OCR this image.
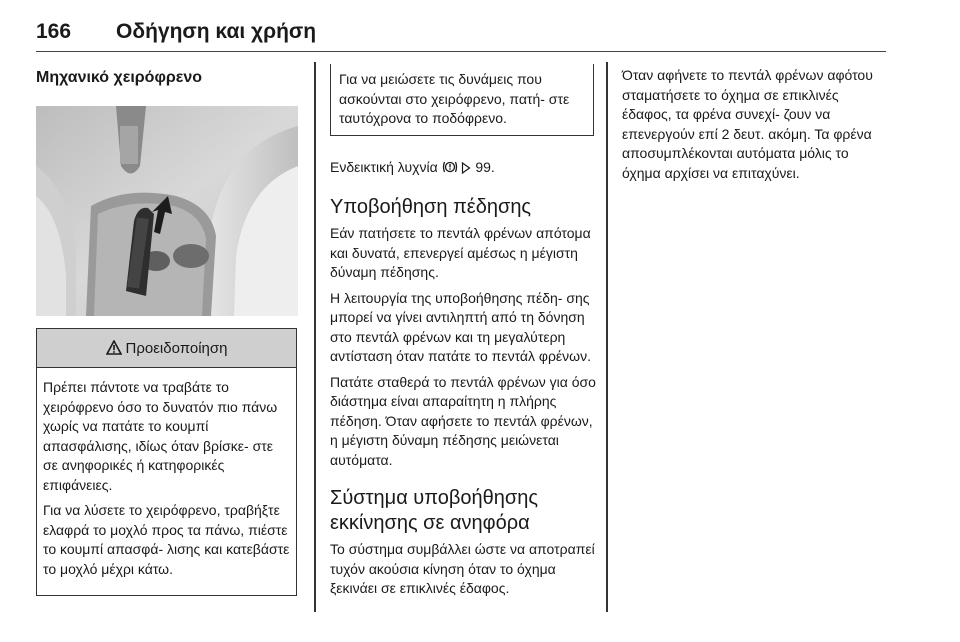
166 Οδήγηση και χρήση
Μηχανικό χειρόφρενο
Προειδοποίηση

Πρέπει πάντοτε να τραβάτε το χειρόφρενο όσο το δυνατόν πιο πάνω χωρίς να πατάτε το κουμπί απασφάλισης, ιδίως όταν βρίσκε‐ στε σε ανηφορικές ή κατηφορικές επιφάνειες.

Για να λύσετε το χειρόφρενο, τραβήξτε ελαφρά το μοχλό προς τα πάνω, πιέστε το κουμπί απασφά‐ λισης και κατεβάστε το μοχλό μέχρι κάτω.

Για να μειώσετε τις δυνάμεις που ασκούνται στο χειρόφρενο, πατή‐ στε ταυτόχρονα το ποδόφρενο.

Ενδεικτική λυχνία	99.

Υποβοήθηση πέδησης

Εάν πατήσετε το πεντάλ φρένων απότομα και δυνατά, επενεργεί αμέσως η μέγιστη δύναμη πέδησης.

Η λειτουργία της υποβοήθησης πέδη‐ σης μπορεί να γίνει αντιληπτή από τη δόνηση στο πεντάλ φρένων και τη μεγαλύτερη αντίσταση όταν πατάτε το πεντάλ φρένων.

Πατάτε σταθερά το πεντάλ φρένων για όσο διάστημα είναι απαραίτητη η πλήρης πέδηση. Όταν αφήσετε το πεντάλ φρένων, η μέγιστη δύναμη πέδησης μειώνεται αυτόματα.

Σύστημα υποβοήθησης εκκίνησης σε ανηφόρα

Το σύστημα συμβάλλει ώστε να αποτραπεί τυχόν ακούσια κίνηση όταν το όχημα ξεκινάει σε επικλινές έδαφος.

Όταν αφήνετε το πεντάλ φρένων αφότου σταματήσετε το όχημα σε επικλινές έδαφος, τα φρένα συνεχί‐ ζουν να επενεργούν επί 2 δευτ. ακόμη. Τα φρένα αποσυμπλέκονται αυτόματα μόλις το όχημα αρχίσει να επιταχύνει.
